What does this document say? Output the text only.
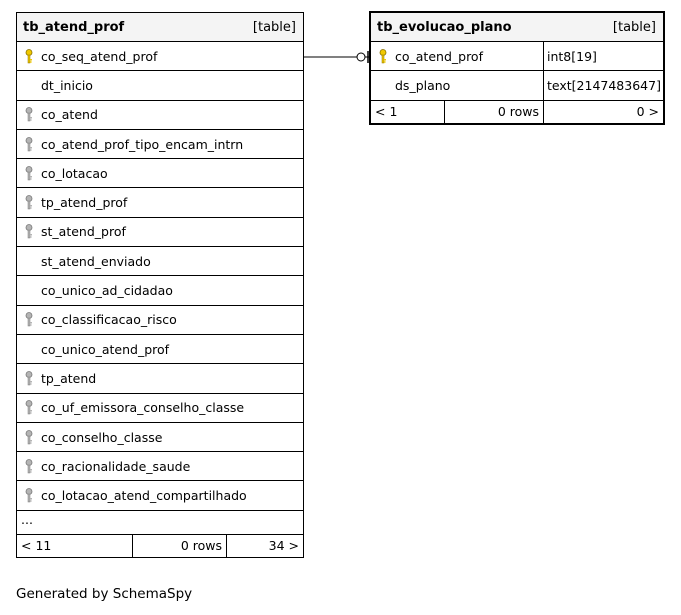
tb_atend_prof	[table]
co_seq_atend_prof
dt_inicio
co_atend
co_atend_prof_tipo_encam_intrn
co_lotacao
tp_atend_prof
st_atend_prof
st_atend_enviado
co_unico_ad_cidadao
co_classificacao_risco
co_unico_atend_prof
tp_atend
co_uf_emissora_conselho_classe
co_conselho_classe
co_racionalidade_saude
co_lotacao_atend_compartilhado
...
< 11	0 rows	34 >
tb_evolucao_plano	[table]
co_atend_prof	int8[19]
ds_plano	text[2147483647]
< 1	0 rows	0 >
Generated by SchemaSpy
